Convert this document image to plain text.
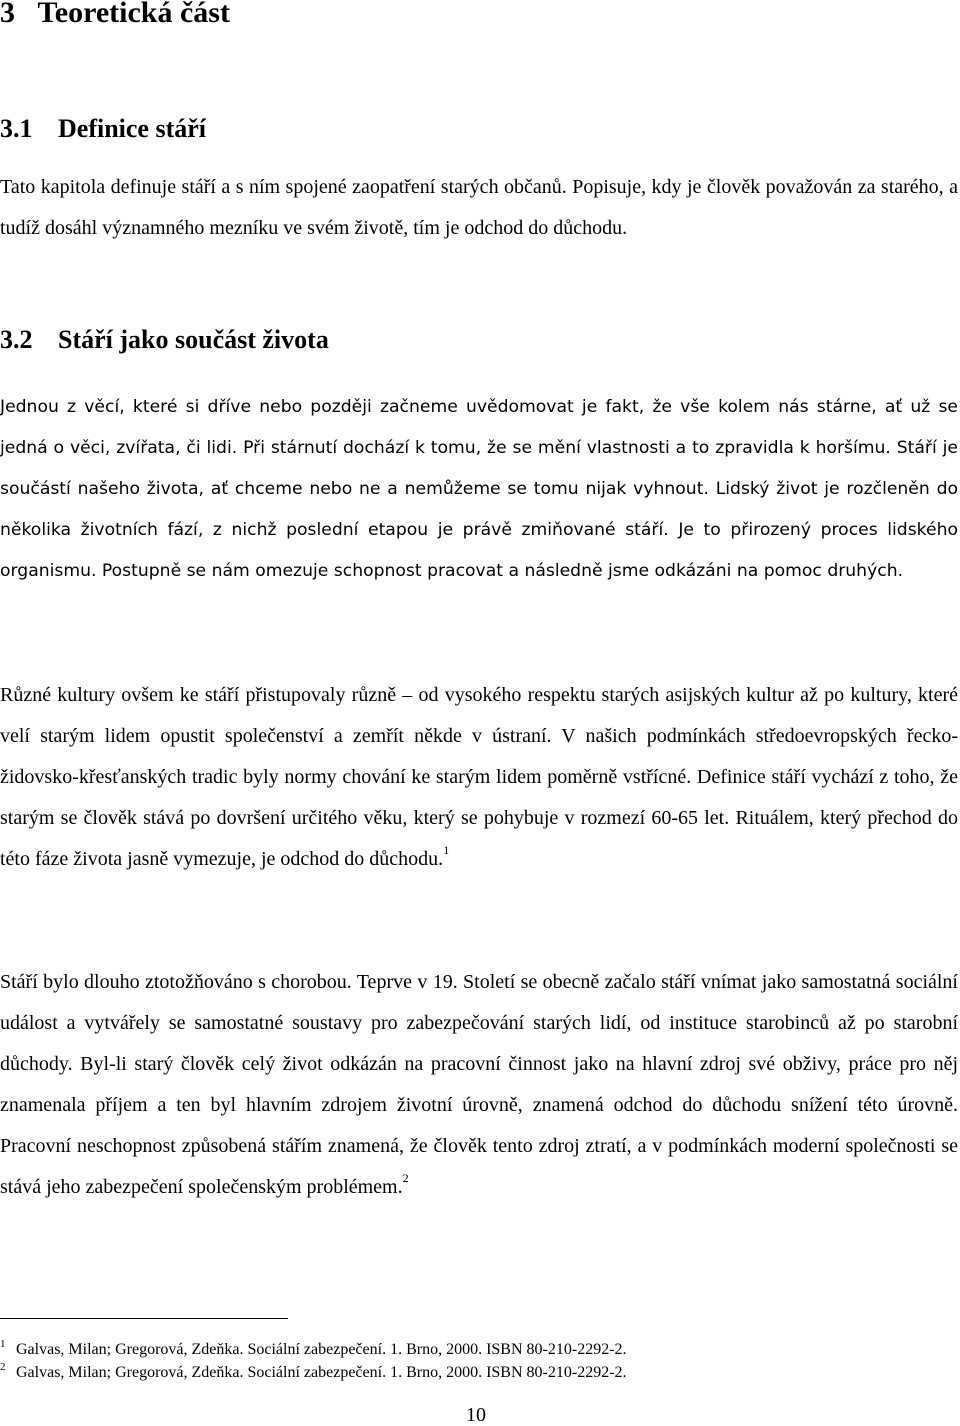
3 Teoretická část
3.1 Definice stáří

Tato kapitola definuje stáří a s ním spojené zaopatření starých občanů. Popisuje, kdy je člověk považován za starého, a tudíž dosáhl významného mezníku ve svém životě, tím je odchod do důchodu.

3.2 Stáří jako součást života

Jednou z věcí, které si dříve nebo později začneme uvědomovat je fakt, že vše kolem nás stárne, ať už se jedná o věci, zvířata, či lidi. Při stárnutí dochází k tomu, že se mění vlastnosti a to zpravidla k horšímu. Stáří je součástí našeho života, ať chceme nebo ne a nemůžeme se tomu nijak vyhnout. Lidský život je rozčleněn do několika životních fází, z nichž poslední etapou je právě zmiňované stáří. Je to přirozený proces lidského organismu. Postupně se nám omezuje schopnost pracovat a následně jsme odkázáni na pomoc druhých.

Různé kultury ovšem ke stáří přistupovaly různě – od vysokého respektu starých asijských kultur až po kultury, které velí starým lidem opustit společenství a zemřít někde v ústraní. V našich podmínkách středoevropských řecko-židovsko-křesťanských tradic byly normy chování ke starým lidem poměrně vstřícné. Definice stáří vychází z toho, že starým se člověk stává po dovršení určitého věku, který se pohybuje v rozmezí 60-65 let. Rituálem, který přechod do této fáze života jasně vymezuje, je odchod do důchodu.$^1$

Stáří bylo dlouho ztotožňováno s chorobou. Teprve v 19. Století se obecně začalo stáří vnímat jako samostatná sociální událost a vytvářely se samostatné soustavy pro zabezpečování starých lidí, od instituce starobinců až po starobní důchody. Byl-li starý člověk celý život odkázán na pracovní činnost jako na hlavní zdroj své obživy, práce pro něj znamenala příjem a ten byl hlavním zdrojem životní úrovně, znamená odchod do důchodu snížení této úrovně. Pracovní neschopnost způsobená stářím znamená, že člověk tento zdroj ztratí, a v podmínkách moderní společnosti se stává jeho zabezpečení společenským problémem.$^2$

1 Galvas, Milan; Gregorová, Zdeňka. Sociální zabezpečení. 1. Brno, 2000. ISBN 80-210-2292-2.
2 Galvas, Milan; Gregorová, Zdeňka. Sociální zabezpečení. 1. Brno, 2000. ISBN 80-210-2292-2.
10
